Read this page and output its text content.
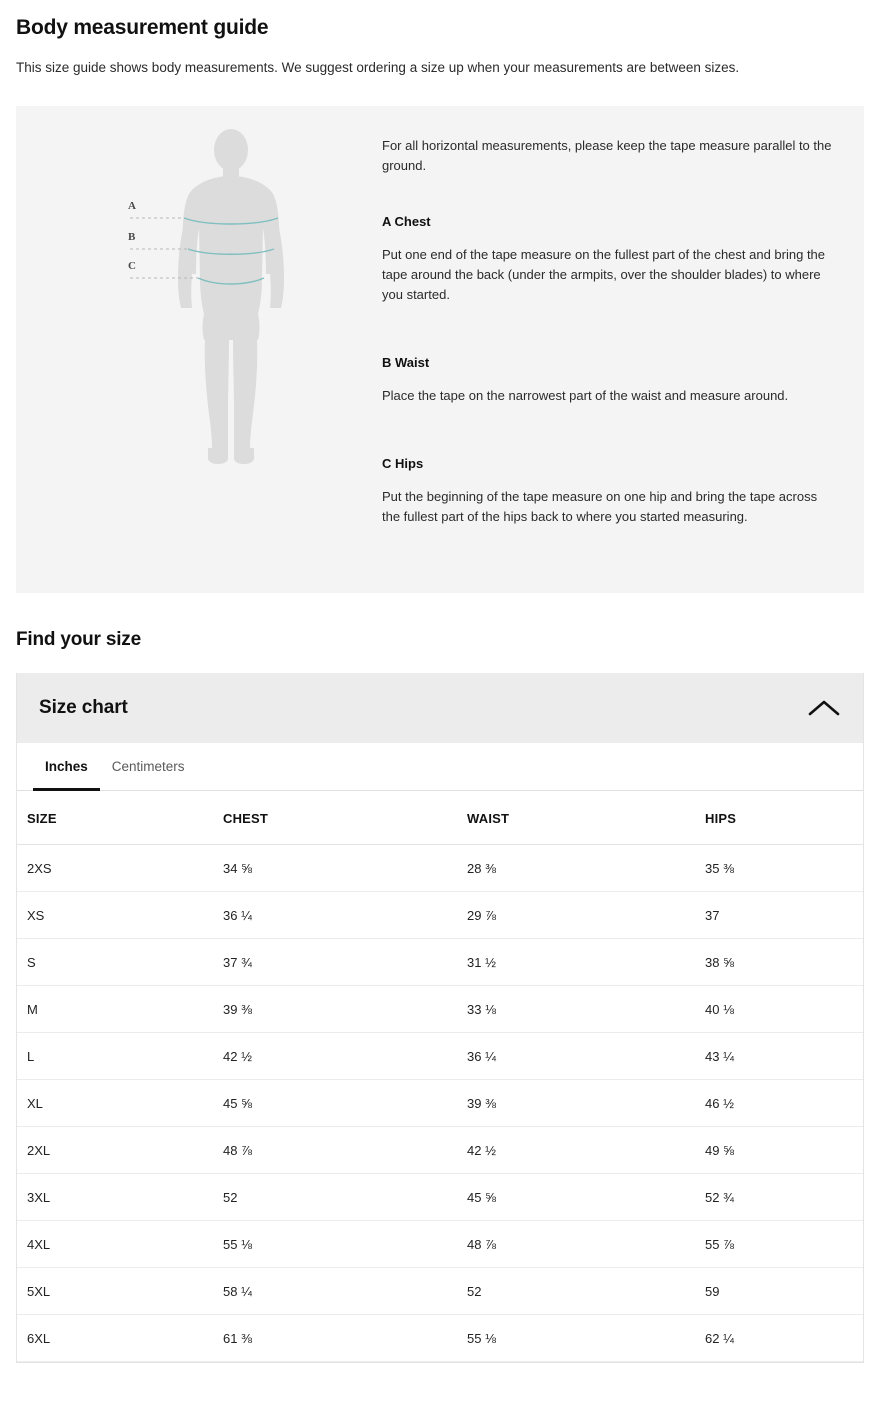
Body measurement guide

This size guide shows body measurements. We suggest ordering a size up when your measurements are between sizes.

A
B
C

For all horizontal measurements, please keep the tape measure parallel to the ground.

A Chest

Put one end of the tape measure on the fullest part of the chest and bring the tape around the back (under the armpits, over the shoulder blades) to where you started.

B Waist

Place the tape on the narrowest part of the waist and measure around.

C Hips

Put the beginning of the tape measure on one hip and bring the tape across the fullest part of the hips back to where you started measuring.

Find your size
Size chart
Inches	Centimeters
SIZE	CHEST	WAIST	HIPS
2XS	34 ⅝	28 ⅜	35 ⅜
XS	36 ¼	29 ⅞	37
S	37 ¾	31 ½	38 ⅝
M	39 ⅜	33 ⅛	40 ⅛
L	42 ½	36 ¼	43 ¼
XL	45 ⅝	39 ⅜	46 ½
2XL	48 ⅞	42 ½	49 ⅝
3XL	52	45 ⅝	52 ¾
4XL	55 ⅛	48 ⅞	55 ⅞
5XL	58 ¼	52	59
6XL	61 ⅜	55 ⅛	62 ¼
